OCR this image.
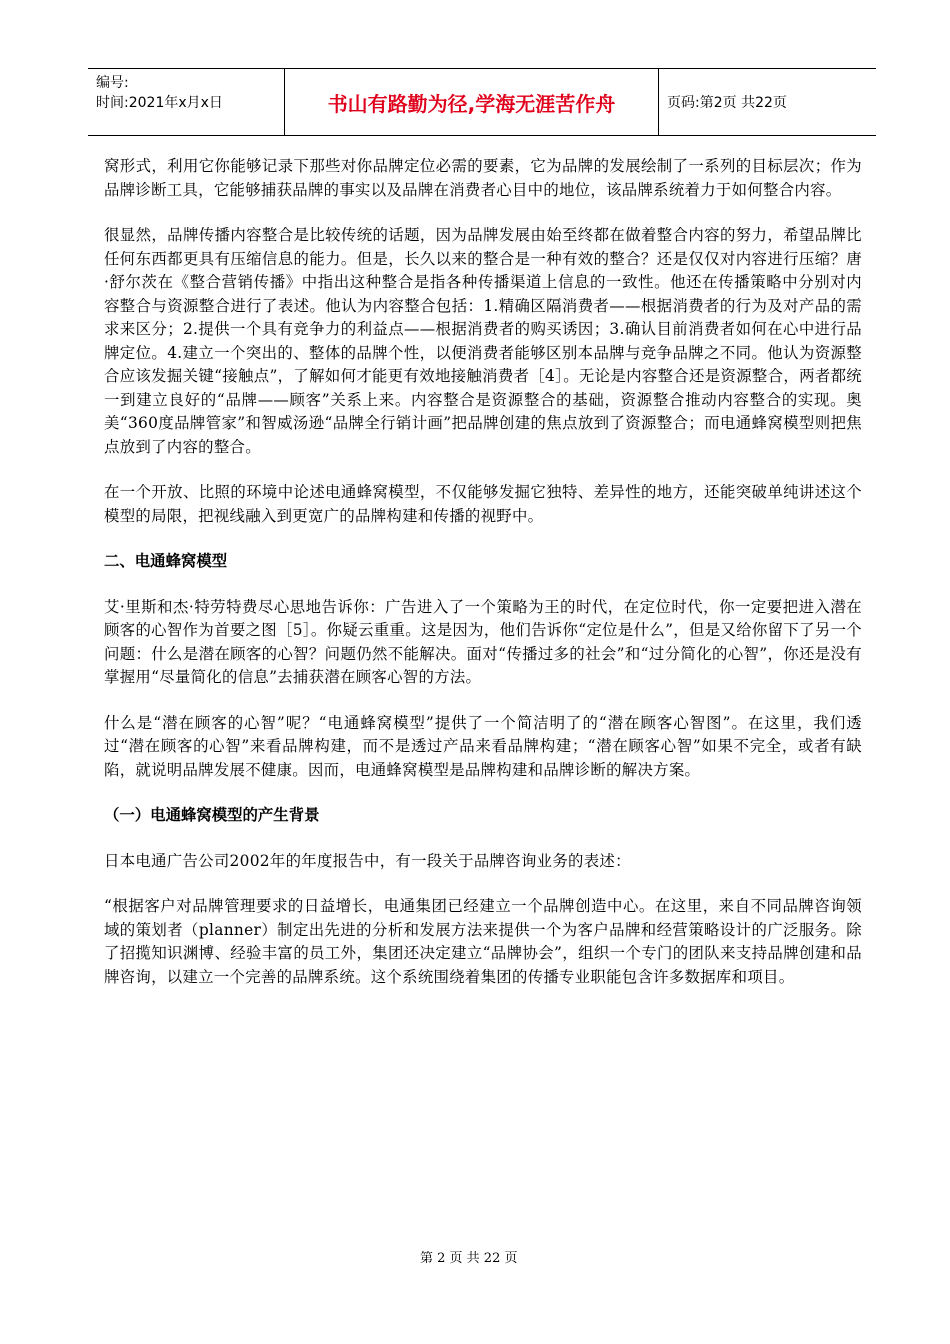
编号:
时间:2021年x月x日	书山有路勤为径,学海无涯苦作舟	页码:第2页 共22页

窝形式，利用它你能够记录下那些对你品牌定位必需的要素，它为品牌的发展绘制了一系列的目标层次；作为品牌诊断工具，它能够捕获品牌的事实以及品牌在消费者心目中的地位，该品牌系统着力于如何整合内容。

很显然，品牌传播内容整合是比较传统的话题，因为品牌发展由始至终都在做着整合内容的努力，希望品牌比任何东西都更具有压缩信息的能力。但是，长久以来的整合是一种有效的整合？还是仅仅对内容进行压缩？唐·舒尔茨在《整合营销传播》中指出这种整合是指各种传播渠道上信息的一致性。他还在传播策略中分别对内容整合与资源整合进行了表述。他认为内容整合包括：1.精确区隔消费者——根据消费者的行为及对产品的需求来区分；2.提供一个具有竞争力的利益点——根据消费者的购买诱因；3.确认目前消费者如何在心中进行品牌定位。4.建立一个突出的、整体的品牌个性，以便消费者能够区别本品牌与竞争品牌之不同。他认为资源整合应该发掘关键“接触点”，了解如何才能更有效地接触消费者［4］。无论是内容整合还是资源整合，两者都统一到建立良好的“品牌——顾客”关系上来。内容整合是资源整合的基础，资源整合推动内容整合的实现。奥美“360度品牌管家”和智威汤逊“品牌全行销计画”把品牌创建的焦点放到了资源整合；而电通蜂窝模型则把焦点放到了内容的整合。

在一个开放、比照的环境中论述电通蜂窝模型，不仅能够发掘它独特、差异性的地方，还能突破单纯讲述这个模型的局限，把视线融入到更宽广的品牌构建和传播的视野中。

二、电通蜂窝模型

艾·里斯和杰·特劳特费尽心思地告诉你：广告进入了一个策略为王的时代，在定位时代，你一定要把进入潜在顾客的心智作为首要之图［5］。你疑云重重。这是因为，他们告诉你“定位是什么”，但是又给你留下了另一个问题：什么是潜在顾客的心智？问题仍然不能解决。面对“传播过多的社会”和“过分简化的心智”，你还是没有掌握用“尽量简化的信息”去捕获潜在顾客心智的方法。

什么是“潜在顾客的心智”呢？“电通蜂窝模型”提供了一个简洁明了的“潜在顾客心智图”。在这里，我们透过“潜在顾客的心智”来看品牌构建，而不是透过产品来看品牌构建；“潜在顾客心智”如果不完全，或者有缺陷，就说明品牌发展不健康。因而，电通蜂窝模型是品牌构建和品牌诊断的解决方案。

（一）电通蜂窝模型的产生背景

日本电通广告公司2002年的年度报告中，有一段关于品牌咨询业务的表述：

“根据客户对品牌管理要求的日益增长，电通集团已经建立一个品牌创造中心。在这里，来自不同品牌咨询领域的策划者（planner）制定出先进的分析和发展方法来提供一个为客户品牌和经营策略设计的广泛服务。除了招揽知识渊博、经验丰富的员工外，集团还决定建立“品牌协会”，组织一个专门的团队来支持品牌创建和品牌咨询，以建立一个完善的品牌系统。这个系统围绕着集团的传播专业职能包含许多数据库和项目。

第 2 页 共 22 页
